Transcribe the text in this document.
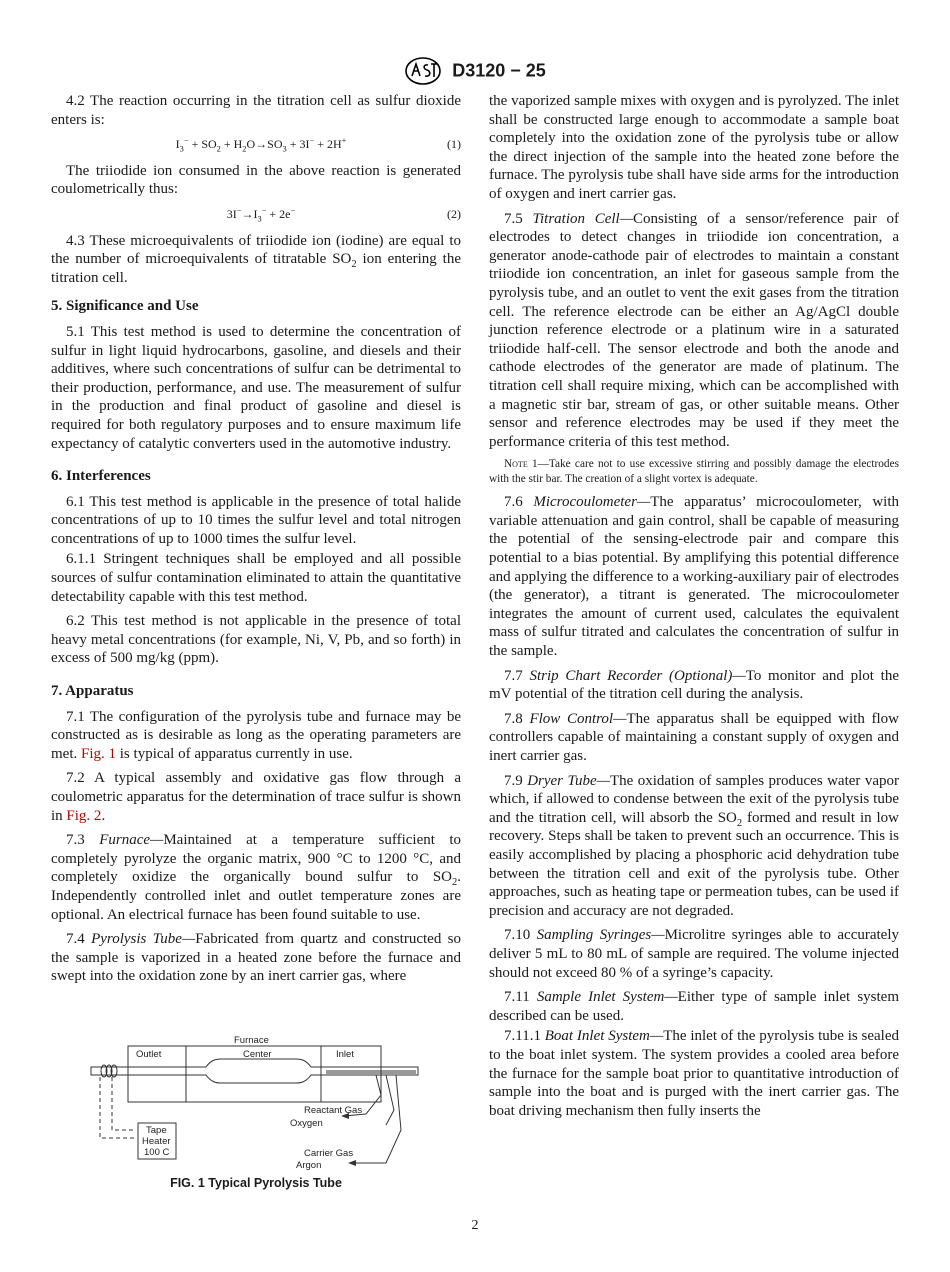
D3120 − 25

4.2 The reaction occurring in the titration cell as sulfur dioxide enters is:

$I_3^- + SO_2 + H_2O\to SO_3 + 3I^- + 2H^+$	(1)

The triiodide ion consumed in the above reaction is generated coulometrically thus:

$3I^-\to I_3^- + 2e^-$	(2)

4.3 These microequivalents of triiodide ion (iodine) are equal to the number of microequivalents of titratable $SO_2$ ion entering the titration cell.

5. Significance and Use

5.1 This test method is used to determine the concentration of sulfur in light liquid hydrocarbons, gasoline, and diesels and their additives, where such concentrations of sulfur can be detrimental to their production, performance, and use. The measurement of sulfur in the production and final product of gasoline and diesel is required for both regulatory purposes and to ensure maximum life expectancy of catalytic converters used in the automotive industry.

6. Interferences

6.1 This test method is applicable in the presence of total halide concentrations of up to 10 times the sulfur level and total nitrogen concentrations of up to 1000 times the sulfur level.

6.1.1 Stringent techniques shall be employed and all possible sources of sulfur contamination eliminated to attain the quantitative detectability capable with this test method.

6.2 This test method is not applicable in the presence of total heavy metal concentrations (for example, Ni, V, Pb, and so forth) in excess of 500 mg/kg (ppm).

7. Apparatus

7.1 The configuration of the pyrolysis tube and furnace may be constructed as is desirable as long as the operating parameters are met. Fig. 1 is typical of apparatus currently in use.

7.2 A typical assembly and oxidative gas flow through a coulometric apparatus for the determination of trace sulfur is shown in Fig. 2.

7.3 Furnace—Maintained at a temperature sufficient to completely pyrolyze the organic matrix, 900 °C to 1200 °C, and completely oxidize the organically bound sulfur to $SO_2$. Independently controlled inlet and outlet temperature zones are optional. An electrical furnace has been found suitable to use.

7.4 Pyrolysis Tube—Fabricated from quartz and constructed so the sample is vaporized in a heated zone before the furnace and swept into the oxidation zone by an inert carrier gas, where

Furnace
Outlet	Center	Inlet
Tape
Heater
100 C
Reactant Gas
Oxygen
Carrier Gas
Argon
FIG. 1 Typical Pyrolysis Tube

the vaporized sample mixes with oxygen and is pyrolyzed. The inlet shall be constructed large enough to accommodate a sample boat completely into the oxidation zone of the pyrolysis tube or allow the direct injection of the sample into the heated zone before the furnace. The pyrolysis tube shall have side arms for the introduction of oxygen and inert carrier gas.

7.5 Titration Cell—Consisting of a sensor/reference pair of electrodes to detect changes in triiodide ion concentration, a generator anode-cathode pair of electrodes to maintain a constant triiodide ion concentration, an inlet for gaseous sample from the pyrolysis tube, and an outlet to vent the exit gases from the titration cell. The reference electrode can be either an Ag/AgCl double junction reference electrode or a platinum wire in a saturated triiodide half-cell. The sensor electrode and both the anode and cathode electrodes of the generator are made of platinum. The titration cell shall require mixing, which can be accomplished with a magnetic stir bar, stream of gas, or other suitable means. Other sensor and reference electrodes may be used if they meet the performance criteria of this test method.

Note 1—Take care not to use excessive stirring and possibly damage the electrodes with the stir bar. The creation of a slight vortex is adequate.

7.6 Microcoulometer—The apparatus’ microcoulometer, with variable attenuation and gain control, shall be capable of measuring the potential of the sensing-electrode pair and compare this potential to a bias potential. By amplifying this potential difference and applying the difference to a working-auxiliary pair of electrodes (the generator), a titrant is generated. The microcoulometer integrates the amount of current used, calculates the equivalent mass of sulfur titrated and calculates the concentration of sulfur in the sample.

7.7 Strip Chart Recorder (Optional)—To monitor and plot the mV potential of the titration cell during the analysis.

7.8 Flow Control—The apparatus shall be equipped with flow controllers capable of maintaining a constant supply of oxygen and inert carrier gas.

7.9 Dryer Tube—The oxidation of samples produces water vapor which, if allowed to condense between the exit of the pyrolysis tube and the titration cell, will absorb the $SO_2$ formed and result in low recovery. Steps shall be taken to prevent such an occurrence. This is easily accomplished by placing a phosphoric acid dehydration tube between the titration cell and exit of the pyrolysis tube. Other approaches, such as heating tape or permeation tubes, can be used if precision and accuracy are not degraded.

7.10 Sampling Syringes—Microlitre syringes able to accurately deliver 5 mL to 80 mL of sample are required. The volume injected should not exceed 80 % of a syringe’s capacity.

7.11 Sample Inlet System—Either type of sample inlet system described can be used.

7.11.1 Boat Inlet System—The inlet of the pyrolysis tube is sealed to the boat inlet system. The system provides a cooled area before the furnace for the sample boat prior to quantitative introduction of sample into the boat and is purged with the inert carrier gas. The boat driving mechanism then fully inserts the

2
